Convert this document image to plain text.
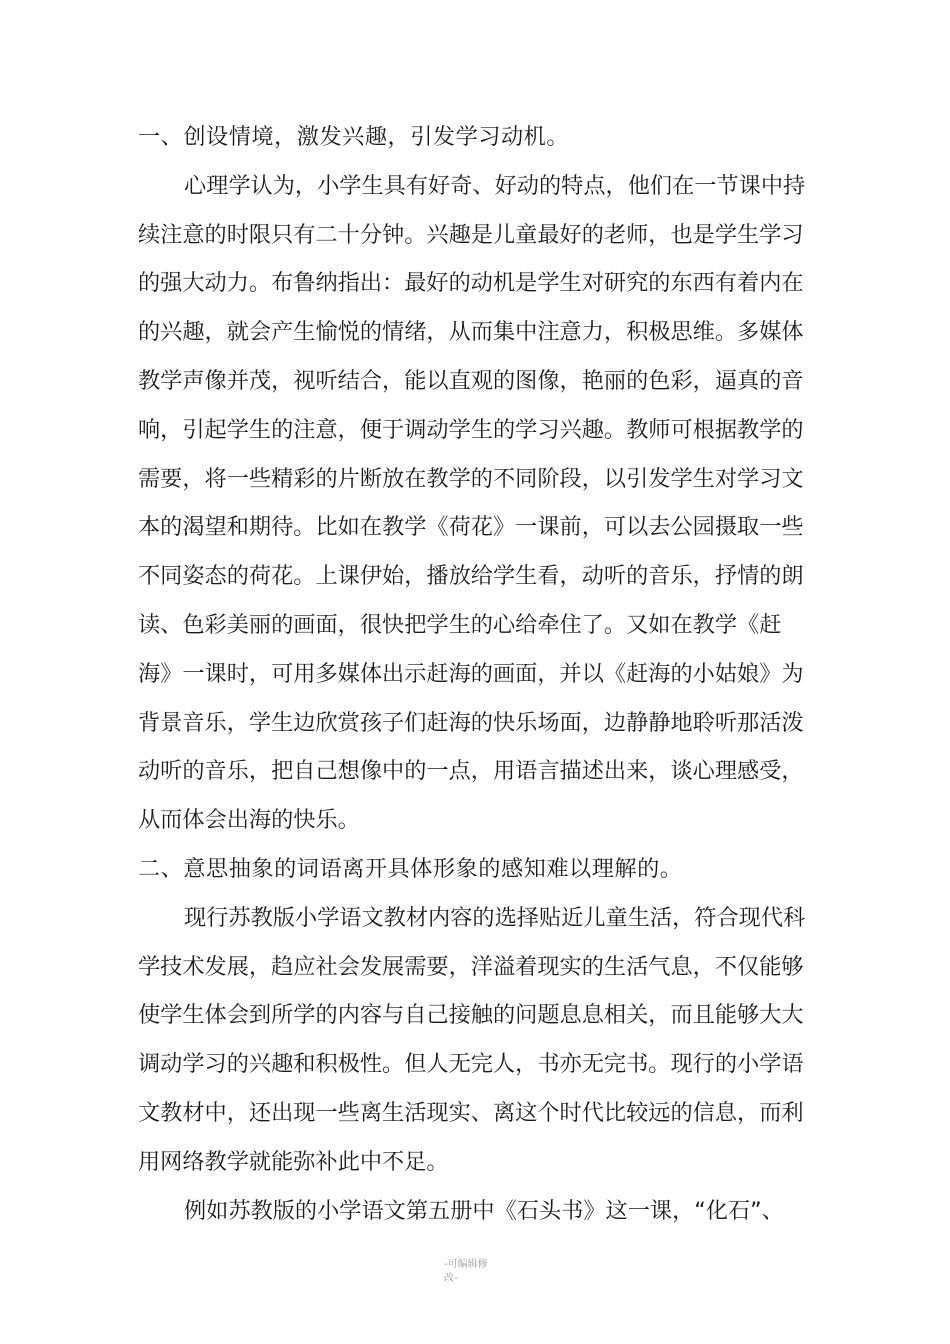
一、创设情境，激发兴趣，引发学习动机。
心理学认为，小学生具有好奇、好动的特点，他们在一节课中持
续注意的时限只有二十分钟。兴趣是儿童最好的老师，也是学生学习
的强大动力。布鲁纳指出：最好的动机是学生对研究的东西有着内在
的兴趣，就会产生愉悦的情绪，从而集中注意力，积极思维。多媒体
教学声像并茂，视听结合，能以直观的图像，艳丽的色彩，逼真的音
响，引起学生的注意，便于调动学生的学习兴趣。教师可根据教学的
需要，将一些精彩的片断放在教学的不同阶段，以引发学生对学习文
本的渴望和期待。比如在教学《荷花》一课前，可以去公园摄取一些
不同姿态的荷花。上课伊始，播放给学生看，动听的音乐，抒情的朗
读、色彩美丽的画面，很快把学生的心给牵住了。又如在教学《赶
海》一课时，可用多媒体出示赶海的画面，并以《赶海的小姑娘》为
背景音乐，学生边欣赏孩子们赶海的快乐场面，边静静地聆听那活泼
动听的音乐，把自己想像中的一点，用语言描述出来，谈心理感受，
从而体会出海的快乐。
二、意思抽象的词语离开具体形象的感知难以理解的。
现行苏教版小学语文教材内容的选择贴近儿童生活，符合现代科
学技术发展，趋应社会发展需要，洋溢着现实的生活气息，不仅能够
使学生体会到所学的内容与自己接触的问题息息相关，而且能够大大
调动学习的兴趣和积极性。但人无完人，书亦无完书。现行的小学语
文教材中，还出现一些离生活现实、离这个时代比较远的信息，而利
用网络教学就能弥补此中不足。
例如苏教版的小学语文第五册中《石头书》这一课，“化石”、
-可编辑修
改-
